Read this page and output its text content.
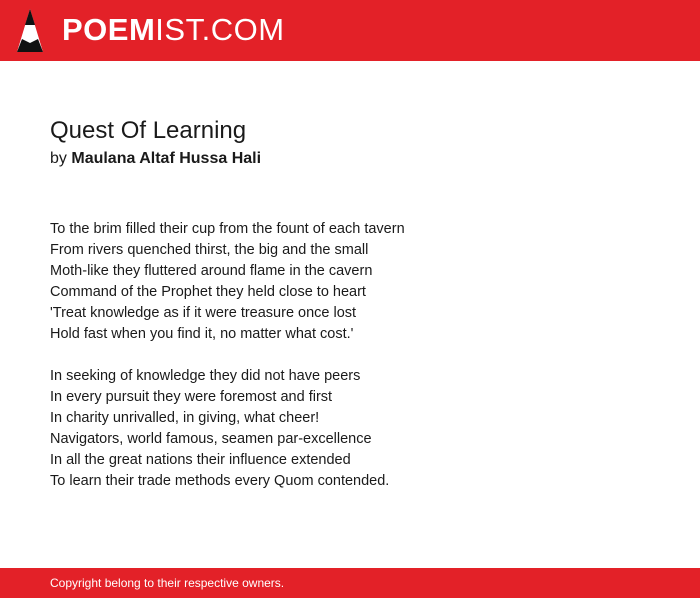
POEMIST.COM
Quest Of Learning
by Maulana Altaf Hussa Hali
To the brim filled their cup from the fount of each tavern
From rivers quenched thirst, the big and the small
Moth-like they fluttered around flame in the cavern
Command of the Prophet they held close to heart
'Treat knowledge as if it were treasure once lost
Hold fast when you find it, no matter what cost.'
In seeking of knowledge they did not have peers
In every pursuit they were foremost and first
In charity unrivalled, in giving, what cheer!
Navigators, world famous, seamen par-excellence
In all the great nations their influence extended
To learn their trade methods every Quom contended.
Copyright belong to their respective owners.
